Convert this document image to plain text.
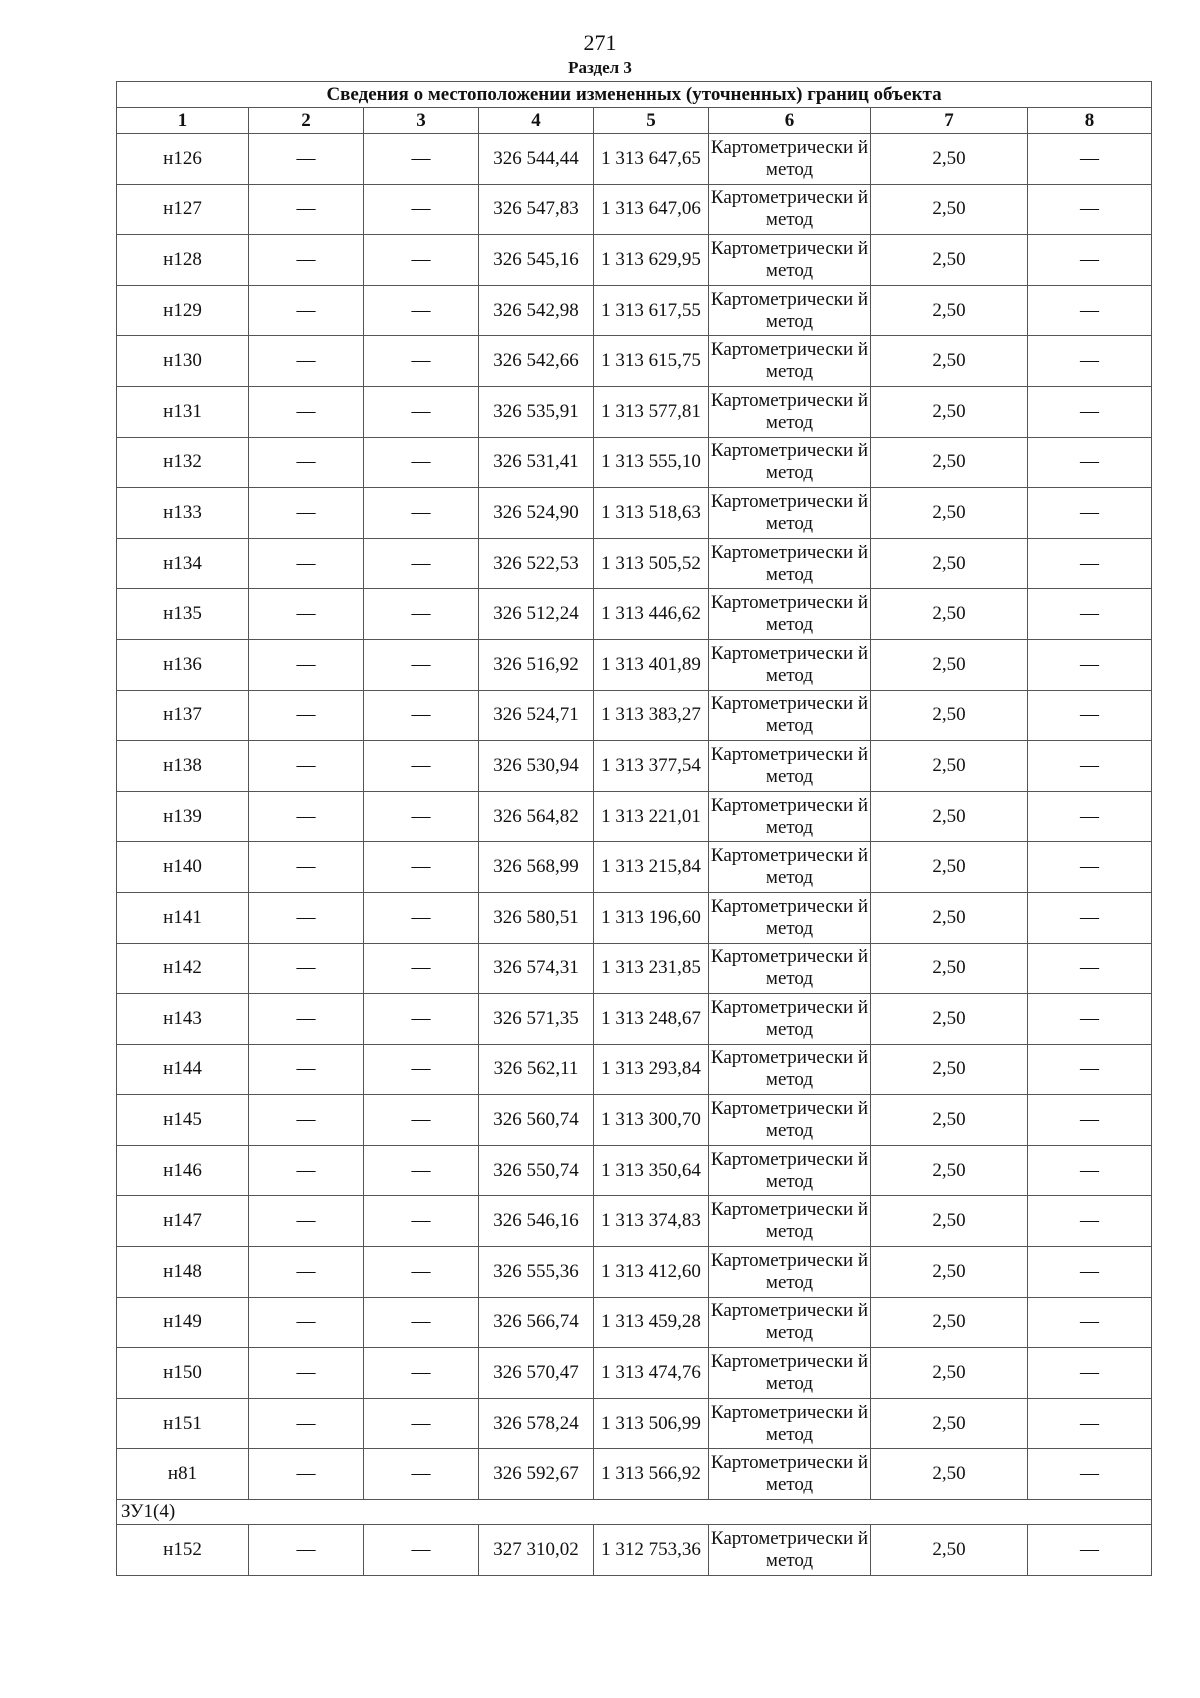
271
Раздел 3
Сведения о местоположении измененных (уточненных) границ объекта							
1	2	3	4	5	6	7	8
н126	—	—	326 544,44	1 313 647,65	Картометрически й метод	2,50	—
н127	—	—	326 547,83	1 313 647,06	Картометрически й метод	2,50	—
н128	—	—	326 545,16	1 313 629,95	Картометрически й метод	2,50	—
н129	—	—	326 542,98	1 313 617,55	Картометрически й метод	2,50	—
н130	—	—	326 542,66	1 313 615,75	Картометрически й метод	2,50	—
н131	—	—	326 535,91	1 313 577,81	Картометрически й метод	2,50	—
н132	—	—	326 531,41	1 313 555,10	Картометрически й метод	2,50	—
н133	—	—	326 524,90	1 313 518,63	Картометрически й метод	2,50	—
н134	—	—	326 522,53	1 313 505,52	Картометрически й метод	2,50	—
н135	—	—	326 512,24	1 313 446,62	Картометрически й метод	2,50	—
н136	—	—	326 516,92	1 313 401,89	Картометрически й метод	2,50	—
н137	—	—	326 524,71	1 313 383,27	Картометрически й метод	2,50	—
н138	—	—	326 530,94	1 313 377,54	Картометрически й метод	2,50	—
н139	—	—	326 564,82	1 313 221,01	Картометрически й метод	2,50	—
н140	—	—	326 568,99	1 313 215,84	Картометрически й метод	2,50	—
н141	—	—	326 580,51	1 313 196,60	Картометрически й метод	2,50	—
н142	—	—	326 574,31	1 313 231,85	Картометрически й метод	2,50	—
н143	—	—	326 571,35	1 313 248,67	Картометрически й метод	2,50	—
н144	—	—	326 562,11	1 313 293,84	Картометрически й метод	2,50	—
н145	—	—	326 560,74	1 313 300,70	Картометрически й метод	2,50	—
н146	—	—	326 550,74	1 313 350,64	Картометрически й метод	2,50	—
н147	—	—	326 546,16	1 313 374,83	Картометрически й метод	2,50	—
н148	—	—	326 555,36	1 313 412,60	Картометрически й метод	2,50	—
н149	—	—	326 566,74	1 313 459,28	Картометрически й метод	2,50	—
н150	—	—	326 570,47	1 313 474,76	Картометрически й метод	2,50	—
н151	—	—	326 578,24	1 313 506,99	Картометрически й метод	2,50	—
н81	—	—	326 592,67	1 313 566,92	Картометрически й метод	2,50	—
ЗУ1(4)							
н152	—	—	327 310,02	1 312 753,36	Картометрически й метод	2,50	—
